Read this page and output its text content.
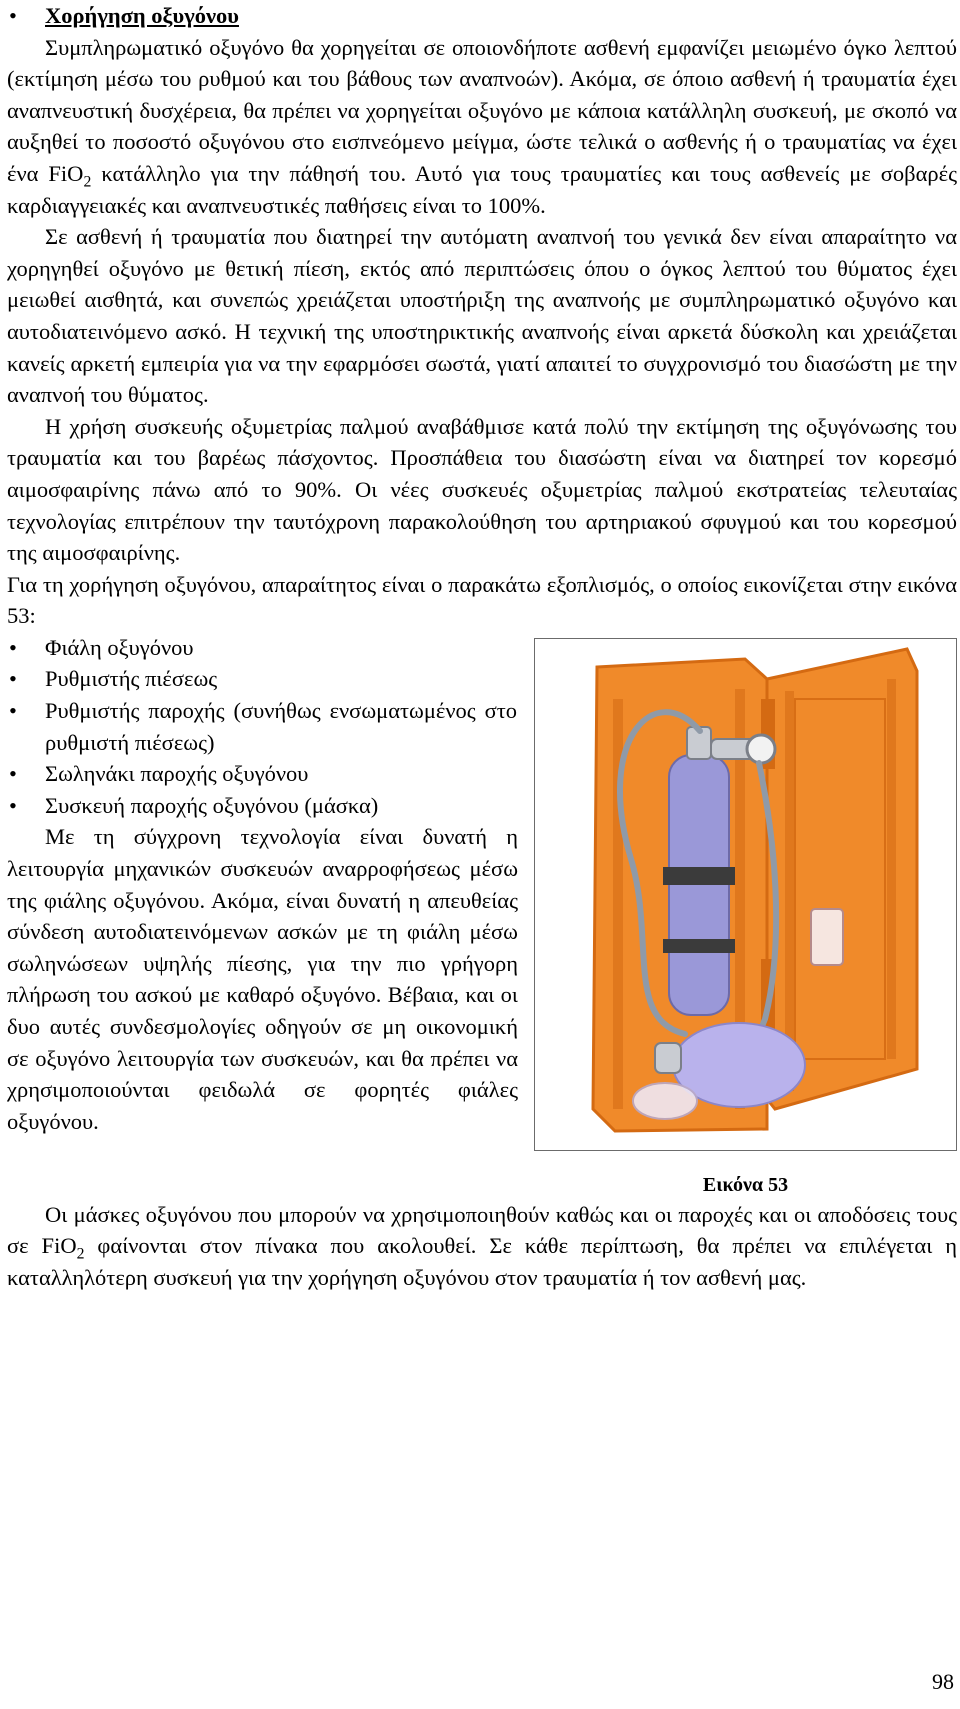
• Χορήγηση οξυγόνου

Συμπληρωματικό οξυγόνο θα χορηγείται σε οποιονδήποτε ασθενή εμφανίζει μειωμένο όγκο λεπτού (εκτίμηση μέσω του ρυθμού και του βάθους των αναπνοών). Ακόμα, σε όποιο ασθενή ή τραυματία έχει αναπνευστική δυσχέρεια, θα πρέπει να χορηγείται οξυγόνο με κάποια κατάλληλη συσκευή, με σκοπό να αυξηθεί το ποσοστό οξυγόνου στο εισπνεόμενο μείγμα, ώστε τελικά ο ασθενής ή ο τραυματίας να έχει ένα FiO$_2$ κατάλληλο για την πάθησή του. Αυτό για τους τραυματίες και τους ασθενείς με σοβαρές καρδιαγγειακές και αναπνευστικές παθήσεις είναι το 100%.

Σε ασθενή ή τραυματία που διατηρεί την αυτόματη αναπνοή του γενικά δεν είναι απαραίτητο να χορηγηθεί οξυγόνο με θετική πίεση, εκτός από περιπτώσεις όπου ο όγκος λεπτού του θύματος έχει μειωθεί αισθητά, και συνεπώς χρειάζεται υποστήριξη της αναπνοής με συμπληρωματικό οξυγόνο και αυτοδιατεινόμενο ασκό. Η τεχνική της υποστηρικτικής αναπνοής είναι αρκετά δύσκολη και χρειάζεται κανείς αρκετή εμπειρία για να την εφαρμόσει σωστά, γιατί απαιτεί το συγχρονισμό του διασώστη με την αναπνοή του θύματος.

Η χρήση συσκευής οξυμετρίας παλμού αναβάθμισε κατά πολύ την εκτίμηση της οξυγόνωσης του τραυματία και του βαρέως πάσχοντος. Προσπάθεια του διασώστη είναι να διατηρεί τον κορεσμό αιμοσφαιρίνης πάνω από το 90%. Οι νέες συσκευές οξυμετρίας παλμού εκστρατείας τελευταίας τεχνολογίας επιτρέπουν την ταυτόχρονη παρακολούθηση του αρτηριακού σφυγμού και του κορεσμού της αιμοσφαιρίνης.

Για τη χορήγηση οξυγόνου, απαραίτητος είναι ο παρακάτω εξοπλισμός, ο οποίος εικονίζεται στην εικόνα 53:

Εικόνα 53
• Φιάλη οξυγόνου
• Ρυθμιστής πιέσεως
• Ρυθμιστής παροχής (συνήθως ενσωματωμένος στο ρυθμιστή πιέσεως)
• Σωληνάκι παροχής οξυγόνου
• Συσκευή παροχής οξυγόνου (μάσκα)

Με τη σύγχρονη τεχνολογία είναι δυνατή η λειτουργία μηχανικών συσκευών αναρροφήσεως μέσω της φιάλης οξυγόνου. Ακόμα, είναι δυνατή η απευθείας σύνδεση αυτοδιατεινόμενων ασκών με τη φιάλη μέσω σωληνώσεων υψηλής πίεσης, για την πιο γρήγορη πλήρωση του ασκού με καθαρό οξυγόνο. Βέβαια, και οι δυο αυτές συνδεσμολογίες οδηγούν σε μη οικονομική σε οξυγόνο λειτουργία των συσκευών, και θα πρέπει να χρησιμοποιούνται φειδωλά σε φορητές φιάλες οξυγόνου.

Οι μάσκες οξυγόνου που μπορούν να χρησιμοποιηθούν καθώς και οι παροχές και οι αποδόσεις τους σε FiO$_2$ φαίνονται στον πίνακα που ακολουθεί. Σε κάθε περίπτωση, θα πρέπει να επιλέγεται η καταλληλότερη συσκευή για την χορήγηση οξυγόνου στον τραυματία ή τον ασθενή μας.

98
